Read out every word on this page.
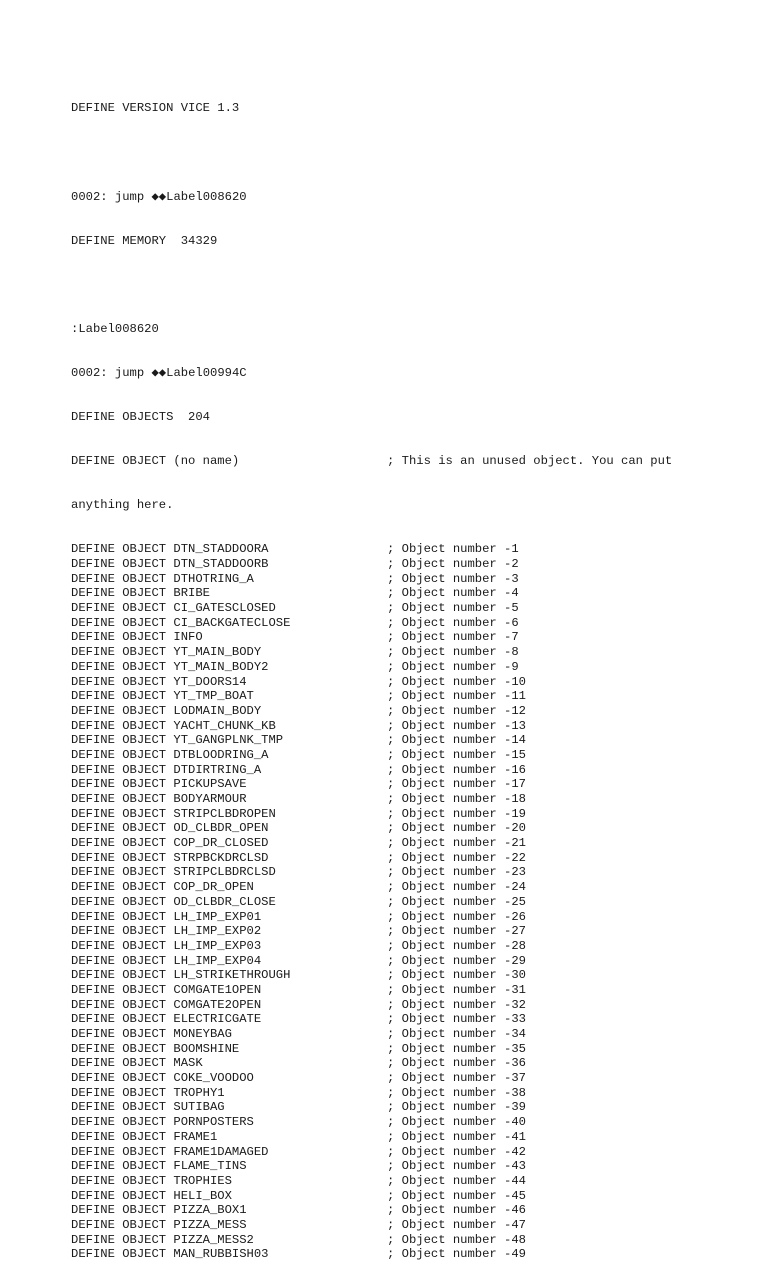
DEFINE VERSION VICE 1.3

0002: jump ◆◆Label008620

DEFINE MEMORY  34329

:Label008620

0002: jump ◆◆Label00994C

DEFINE OBJECTS  204

DEFINE OBJECT (no name)

	; This is an unused object. You can put

anything here.

DEFINE OBJECT DTN_STADDOORA	; Object number -1
DEFINE OBJECT DTN_STADDOORB	; Object number -2
DEFINE OBJECT DTHOTRING_A	; Object number -3
DEFINE OBJECT BRIBE	; Object number -4
DEFINE OBJECT CI_GATESCLOSED	; Object number -5
DEFINE OBJECT CI_BACKGATECLOSE	; Object number -6
DEFINE OBJECT INFO	; Object number -7
DEFINE OBJECT YT_MAIN_BODY	; Object number -8
DEFINE OBJECT YT_MAIN_BODY2	; Object number -9
DEFINE OBJECT YT_DOORS14	; Object number -10
DEFINE OBJECT YT_TMP_BOAT	; Object number -11
DEFINE OBJECT LODMAIN_BODY	; Object number -12
DEFINE OBJECT YACHT_CHUNK_KB	; Object number -13
DEFINE OBJECT YT_GANGPLNK_TMP	; Object number -14
DEFINE OBJECT DTBLOODRING_A	; Object number -15
DEFINE OBJECT DTDIRTRING_A	; Object number -16
DEFINE OBJECT PICKUPSAVE	; Object number -17
DEFINE OBJECT BODYARMOUR	; Object number -18
DEFINE OBJECT STRIPCLBDROPEN	; Object number -19
DEFINE OBJECT OD_CLBDR_OPEN	; Object number -20
DEFINE OBJECT COP_DR_CLOSED	; Object number -21
DEFINE OBJECT STRPBCKDRCLSD	; Object number -22
DEFINE OBJECT STRIPCLBDRCLSD	; Object number -23
DEFINE OBJECT COP_DR_OPEN	; Object number -24
DEFINE OBJECT OD_CLBDR_CLOSE	; Object number -25
DEFINE OBJECT LH_IMP_EXP01	; Object number -26
DEFINE OBJECT LH_IMP_EXP02	; Object number -27
DEFINE OBJECT LH_IMP_EXP03	; Object number -28
DEFINE OBJECT LH_IMP_EXP04	; Object number -29
DEFINE OBJECT LH_STRIKETHROUGH	; Object number -30
DEFINE OBJECT COMGATE1OPEN	; Object number -31
DEFINE OBJECT COMGATE2OPEN	; Object number -32
DEFINE OBJECT ELECTRICGATE	; Object number -33
DEFINE OBJECT MONEYBAG	; Object number -34
DEFINE OBJECT BOOMSHINE	; Object number -35
DEFINE OBJECT MASK	; Object number -36
DEFINE OBJECT COKE_VOODOO	; Object number -37
DEFINE OBJECT TROPHY1	; Object number -38
DEFINE OBJECT SUTIBAG	; Object number -39
DEFINE OBJECT PORNPOSTERS	; Object number -40
DEFINE OBJECT FRAME1	; Object number -41
DEFINE OBJECT FRAME1DAMAGED	; Object number -42
DEFINE OBJECT FLAME_TINS	; Object number -43
DEFINE OBJECT TROPHIES	; Object number -44
DEFINE OBJECT HELI_BOX	; Object number -45
DEFINE OBJECT PIZZA_BOX1	; Object number -46
DEFINE OBJECT PIZZA_MESS	; Object number -47
DEFINE OBJECT PIZZA_MESS2	; Object number -48
DEFINE OBJECT MAN_RUBBISH03	; Object number -49
